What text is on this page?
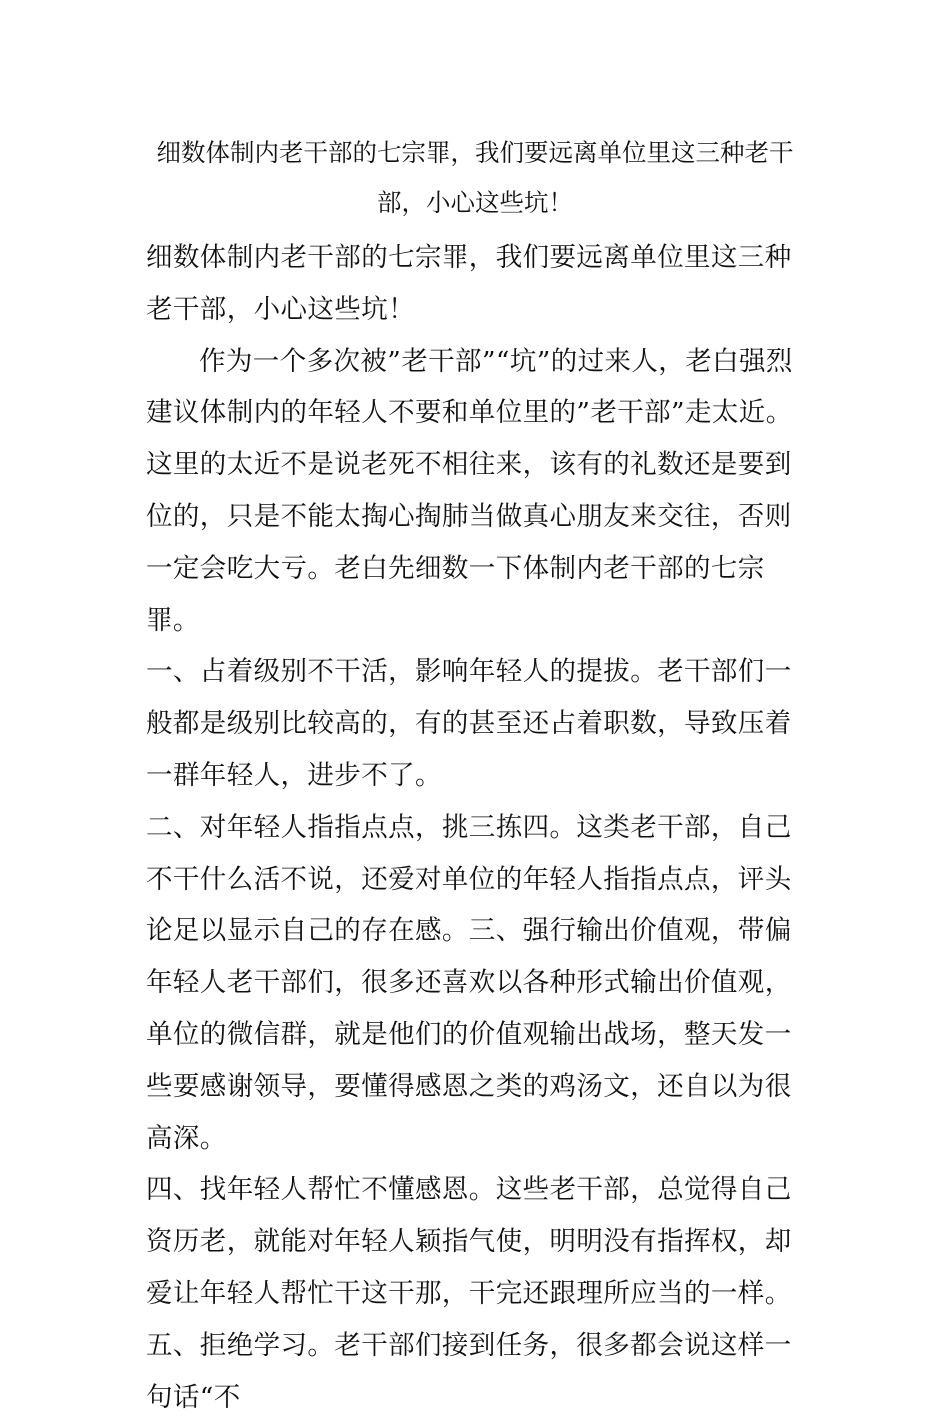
细数体制内老干部的七宗罪，我们要远离单位里这三种老干部，小心这些坑！

细数体制内老干部的七宗罪，我们要远离单位里这三种老干部，小心这些坑！

作为一个多次被”老干部”“坑”的过来人，老白强烈建议体制内的年轻人不要和单位里的”老干部”走太近。这里的太近不是说老死不相往来，该有的礼数还是要到位的，只是不能太掏心掏肺当做真心朋友来交往，否则一定会吃大亏。老白先细数一下体制内老干部的七宗罪。

一、占着级别不干活，影响年轻人的提拔。老干部们一般都是级别比较高的，有的甚至还占着职数，导致压着一群年轻人，进步不了。

二、对年轻人指指点点，挑三拣四。这类老干部，自己不干什么活不说，还爱对单位的年轻人指指点点，评头论足以显示自己的存在感。三、强行输出价值观，带偏年轻人老干部们，很多还喜欢以各种形式输出价值观，单位的微信群，就是他们的价值观输出战场，整天发一些要感谢领导，要懂得感恩之类的鸡汤文，还自以为很高深。

四、找年轻人帮忙不懂感恩。这些老干部，总觉得自己资历老，就能对年轻人颖指气使，明明没有指挥权，却爱让年轻人帮忙干这干那，干完还跟理所应当的一样。五、拒绝学习。老干部们接到任务，很多都会说这样一句话“不
